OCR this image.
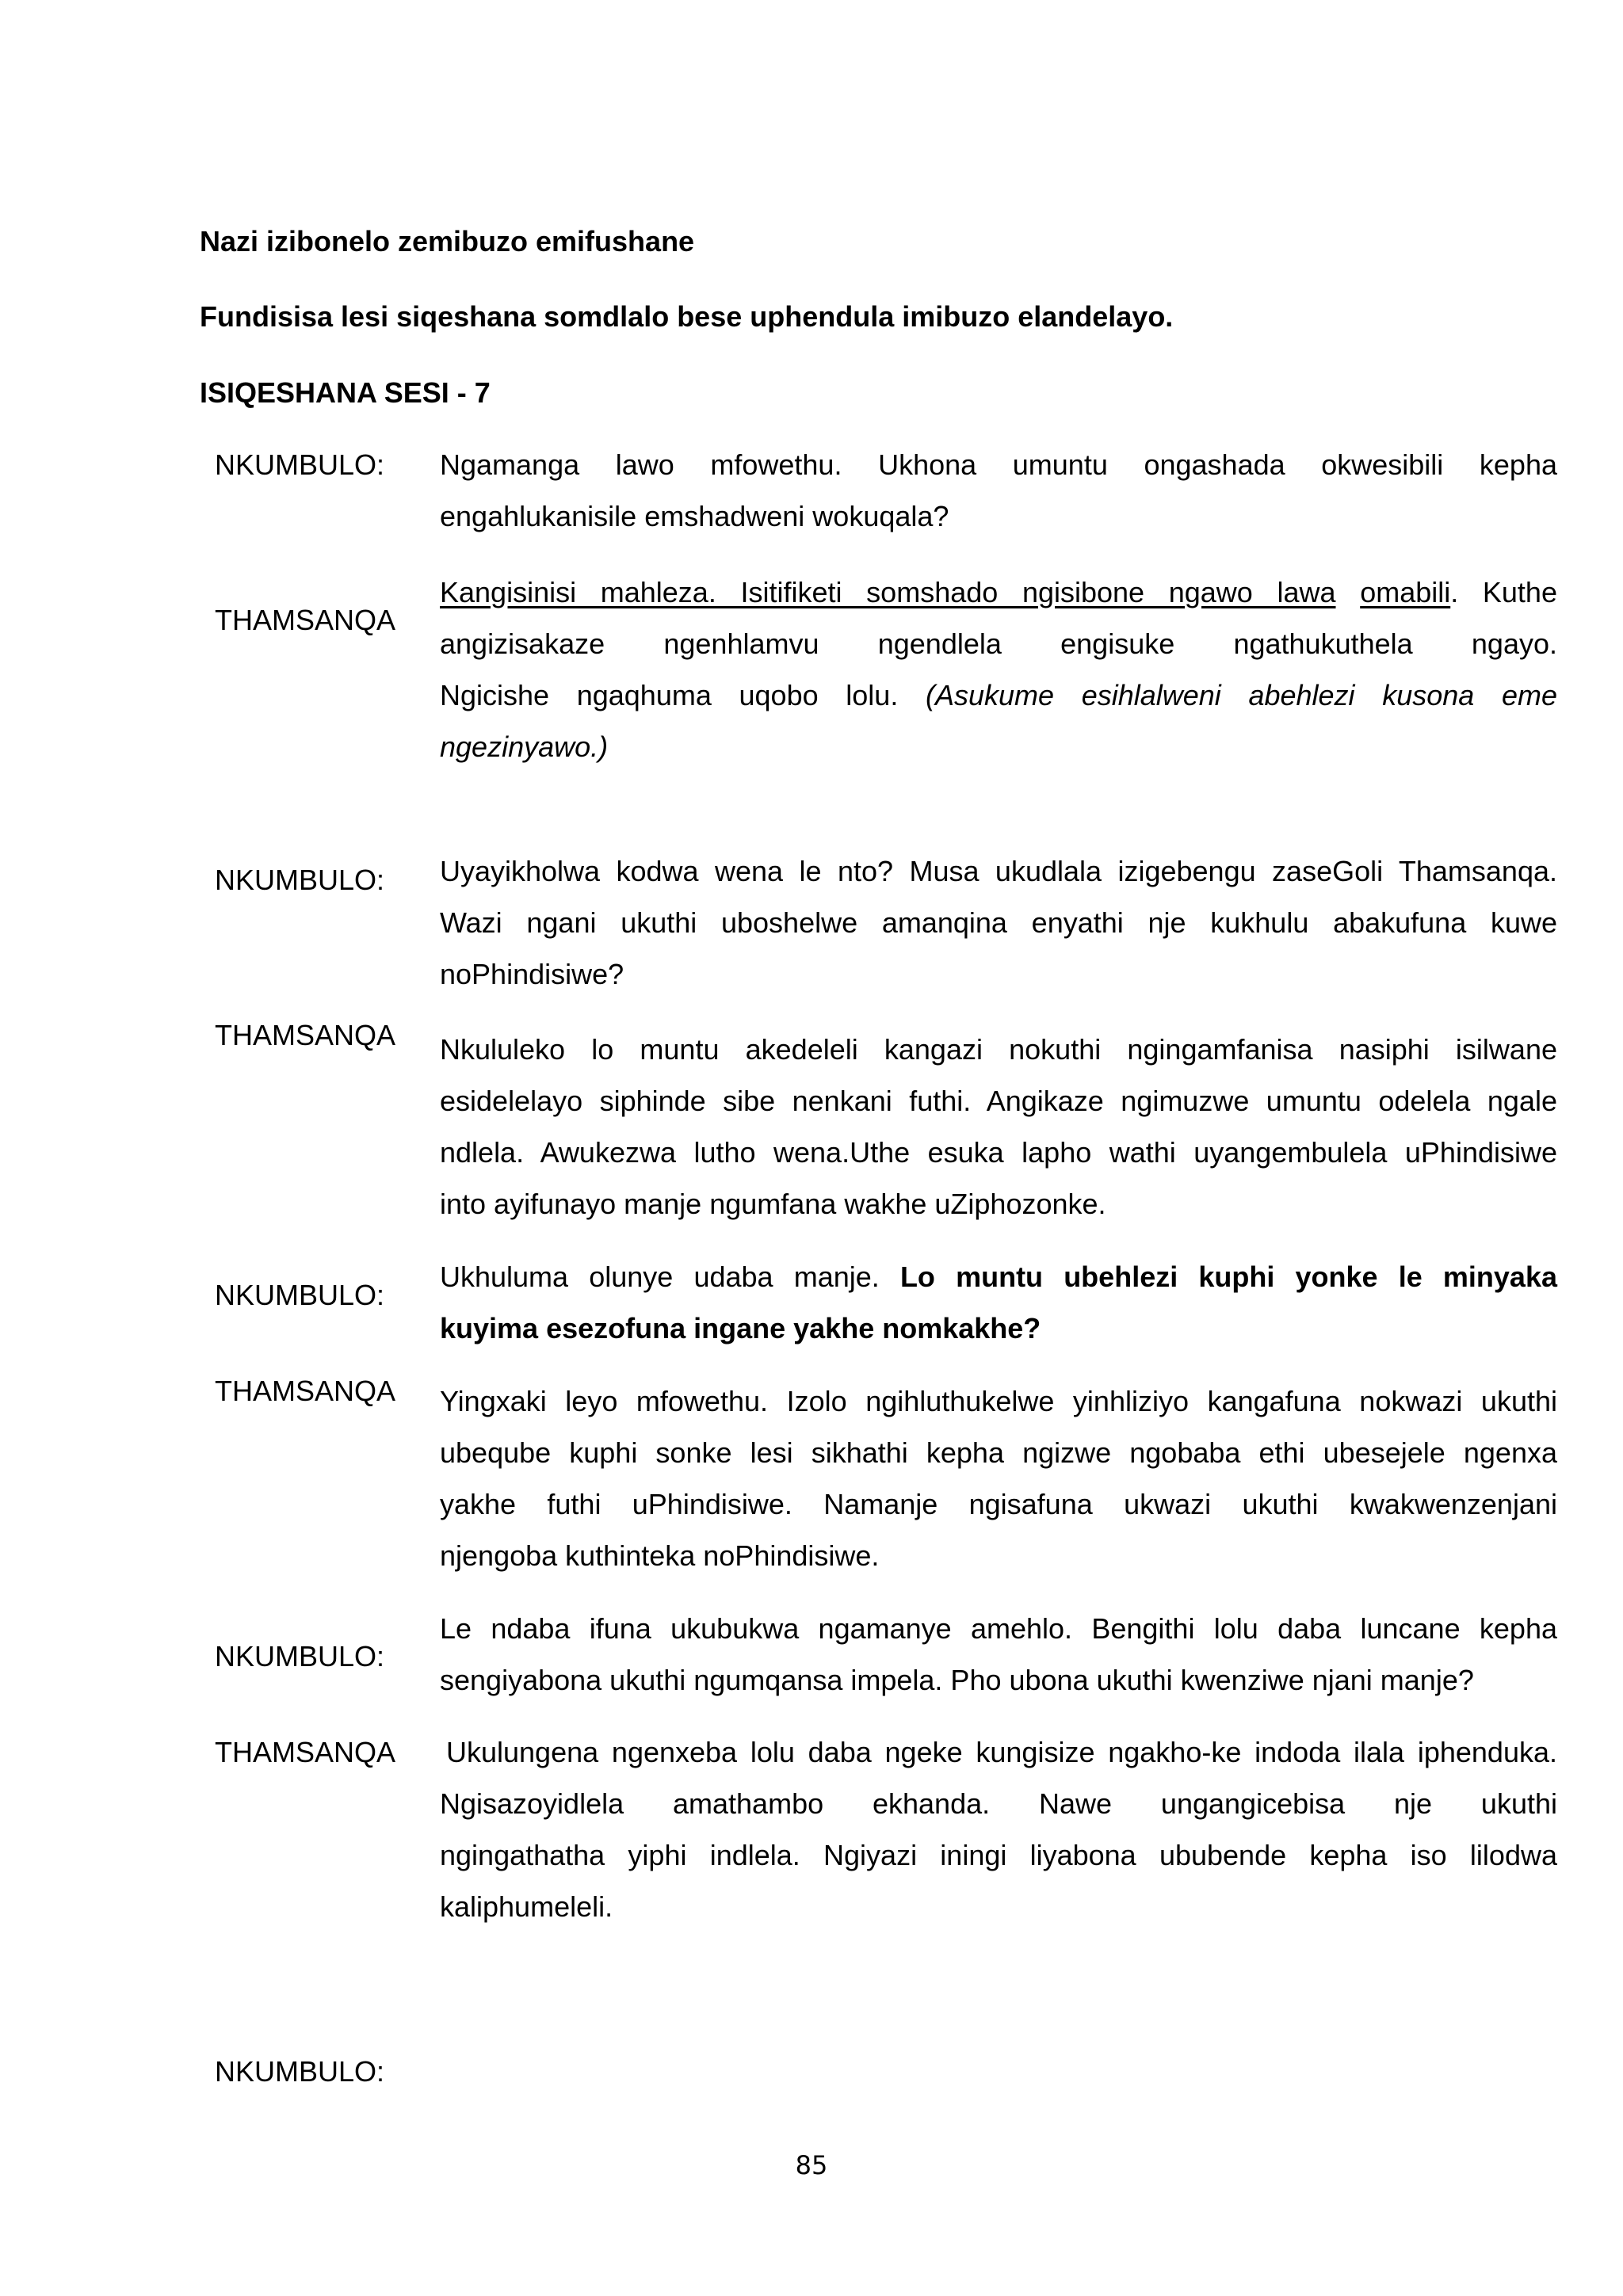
Nazi izibonelo zemibuzo emifushane
Fundisisa lesi siqeshana somdlalo bese uphendula imibuzo elandelayo.
ISIQESHANA SESI - 7
NKUMBULO: Ngamanga lawo mfowethu. Ukhona umuntu ongashada okwesibili kepha
engahlukanisile emshadweni wokuqala?
THAMSANQA
Kangisinisi mahleza. Isitifiketi somshado ngisibone ngawo lawa omabili. Kuthe
angizisakaze ngenhlamvu ngendlela engisuke ngathukuthela ngayo.
Ngicishe ngaqhuma uqobo lolu. (Asukume esihlalweni abehlezi kusona eme
ngezinyawo.)
NKUMBULO: Uyayikholwa kodwa wena le nto? Musa ukudlala izigebengu zaseGoli Thamsanqa.
Wazi ngani ukuthi uboshelwe amanqina enyathi nje kukhulu abakufuna kuwe
noPhindisiwe?
THAMSANQA Nkululeko lo muntu akedeleli kangazi nokuthi ngingamfanisa nasiphi isilwane
esidelelayo siphinde sibe nenkani futhi. Angikaze ngimuzwe umuntu odelela ngale
ndlela. Awukezwa lutho wena.Uthe esuka lapho wathi uyangembulela uPhindisiwe
into ayifunayo manje ngumfana wakhe uZiphozonke.
NKUMBULO:
Ukhuluma olunye udaba manje. Lo muntu ubehlezi kuphi yonke le minyaka
kuyima esezofuna ingane yakhe nomkakhe?
THAMSANQA Yingxaki leyo mfowethu. Izolo ngihluthukelwe yinhliziyo kangafuna nokwazi ukuthi
ubeqube kuphi sonke lesi sikhathi kepha ngizwe ngobaba ethi ubesejele ngenxa
yakhe futhi uPhindisiwe. Namanje ngisafuna ukwazi ukuthi kwakwenzenjani
njengoba kuthinteka noPhindisiwe.
NKUMBULO:
Le ndaba ifuna ukubukwa ngamanye amehlo. Bengithi lolu daba luncane kepha
sengiyabona ukuthi ngumqansa impela. Pho ubona ukuthi kwenziwe njani manje?
THAMSANQA Ukulungena ngenxeba lolu daba ngeke kungisize ngakho-ke indoda ilala iphenduka.
Ngisazoyidlela amathambo ekhanda. Nawe ungangicebisa nje ukuthi
ngingathatha yiphi indlela. Ngiyazi iningi liyabona ububende kepha iso lilodwa
kaliphumeleli.
NKUMBULO:
85
